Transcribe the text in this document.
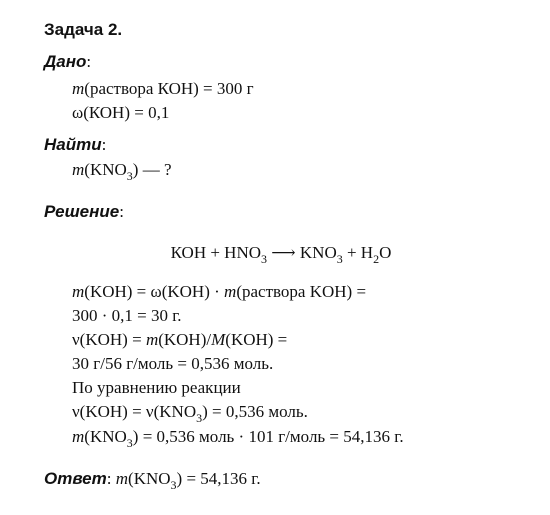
Задача 2.
Дано:
m(раствора КОН) = 300 г
ω(КОН) = 0,1
Найти:
$m(KNO_3)$ — ?
Решение:
КОН + $HNO_3$ ⟶ $KNO_3 + H_2O$
m(KOH) = ω(KOH) · m(раствора KOH) =
300 · 0,1 = 30 г.
ν(KOH) = m(KOH)/M(KOH) =
30 г/56 г/моль = 0,536 моль.
По уравнению реакции
$\nu(KOH) = \nu(KNO_3) = 0,536$ моль.
$m(KNO_3) = 0,536$ моль · 101 г/моль = 54,136 г.
Ответ: $m(KNO_3) = 54,136$ г.
